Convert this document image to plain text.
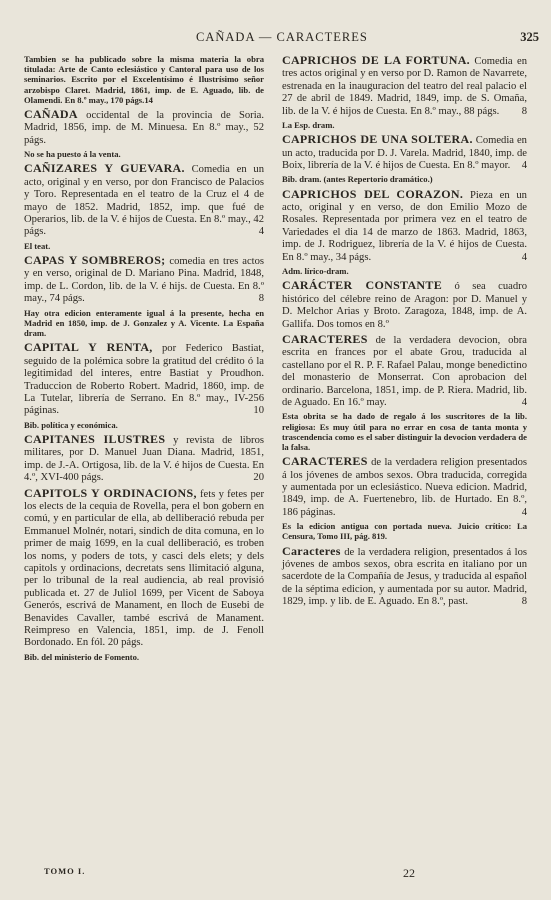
CAÑADA — CARACTERES	325
Tambien se ha publicado sobre la misma materia la obra titulada: Arte de Canto eclesiástico y Cantoral para uso de los seminarios. Escrito por el Excelentísimo é Ilustrísimo señor arzobispo Claret. Madrid, 1861, imp. de E. Aguado, lib. de Olamendi. En 8.º may., 170 págs.14
CAÑADA occidental de la provincia de Soria. Madrid, 1856, imp. de M. Minuesa. En 8.º may., 52 págs.
No se ha puesto á la venta.
CAÑIZARES Y GUEVARA. Comedia en un acto, original y en verso, por don Francisco de Palacios y Toro. Representada en el teatro de la Cruz el 4 de mayo de 1852. Madrid, 1852, imp. que fué de Operarios, lib. de la V. é hijos de Cuesta. En 8.º may., 42 págs.	4
El teat.
CAPAS Y SOMBREROS; comedia en tres actos y en verso, original de D. Mariano Pina. Madrid, 1848, imp. de L. Cordon, lib. de la V. é hijs. de Cuesta. En 8.º may., 74 págs.	8
Hay otra edicion enteramente igual á la presente, hecha en Madrid en 1850, imp. de J. Gonzalez y A. Vicente. La España dram.
CAPITAL Y RENTA, por Federico Bastiat, seguido de la polémica sobre la gratitud del crédito ó la legitimidad del interes, entre Bastiat y Proudhon. Traduccion de Roberto Robert. Madrid, 1860, imp. de La Tutelar, librería de Serrano. En 8.º may., IV-256 páginas.	10
Bib. política y económica.
CAPITANES ILUSTRES y revista de libros militares, por D. Manuel Juan Diana. Madrid, 1851, imp. de J.-A. Ortigosa, lib. de la V. é hijos de Cuesta. En 4.º, XVI-400 págs.	20
CAPITOLS Y ORDINACIONS, fets y fetes per los elects de la cequia de Rovella, pera el bon gobern en comú, y en particular de ella, ab delliberació rebuda per Emmanuel Molnér, notari, sindich de dita comuna, en lo primer de maig 1699, en la cual delliberació, es troben los noms, y poders de tots, y casci dels elets; y dels capitols y ordinacions, decretats sens llimitació alguna, per lo tribunal de la real audiencia, ab real provisió publicada et. 27 de Juliol 1699, per Vicent de Saboya Generós, escrivá de Manament, en lloch de Eusebi de Benavides Cavaller, també escrivá de Manament. Reimpreso en Valencia, 1851, imp. de J. Fenoll Bordonado. En fól. 20 págs.
Bib. del ministerio de Fomento.
CAPRICHOS DE LA FORTUNA. Comedia en tres actos original y en verso por D. Ramon de Navarrete, estrenada en la inauguracion del teatro del real palacio el 27 de abril de 1849. Madrid, 1849, imp. de S. Omaña, lib. de la V. é hijos de Cuesta. En 8.º may., 88 págs. 8
La Esp. dram.
CAPRICHOS DE UNA SOLTERA. Comedia en un acto, traducida por D. J. Varela. Madrid, 1840, imp. de Boix, librería de la V. é hijos de Cuesta. En 8.º mayor. 4
Bib. dram. (antes Repertorio dramático.)
CAPRICHOS DEL CORAZON. Pieza en un acto, original y en verso, de don Emilio Mozo de Rosales. Representada por primera vez en el teatro de Variedades el dia 14 de marzo de 1863. Madrid, 1863, imp. de J. Rodriguez, librería de la V. é hijos de Cuesta. En 8.º may., 34 págs.	4
Adm. lírico-dram.
CARÁCTER CONSTANTE ó sea cuadro histórico del célebre reino de Aragon: por D. Manuel y D. Melchor Arias y Broto. Zaragoza, 1848, imp. de A. Gallifa. Dos tomos en 8.º
CARACTERES de la verdadera devocion, obra escrita en frances por el abate Grou, traducida al castellano por el R. P. F. Rafael Palau, monge benedictino del monasterio de Monserrat. Con aprobacion del ordinario. Barcelona, 1851, imp. de P. Riera. Madrid, lib. de Aguado. En 16.º may.	4
Esta obrita se ha dado de regalo á los suscritores de la lib. religiosa: Es muy útil para no errar en cosa de tanta monta y trascendencia como es el saber distinguir la devocion verdadera de la falsa.
CARACTERES de la verdadera religion presentados á los jóvenes de ambos sexos. Obra traducida, corregida y aumentada por un eclesiástico. Nueva edicion. Madrid, 1849, imp. de A. Fuertenebro, lib. de Hurtado. En 8.º, 186 páginas.	4
Es la edicion antigua con portada nueva. Juicio crítico: La Censura, Tomo III, pág. 819.
Caracteres de la verdadera religion, presentados á los jóvenes de ambos sexos, obra escrita en italiano por un sacerdote de la Compañía de Jesus, y traducida al español de la séptima edicion, y aumentada por su autor. Madrid, 1829, imp. y lib. de E. Aguado. En 8.º, past.	8
TOMO I.	22
